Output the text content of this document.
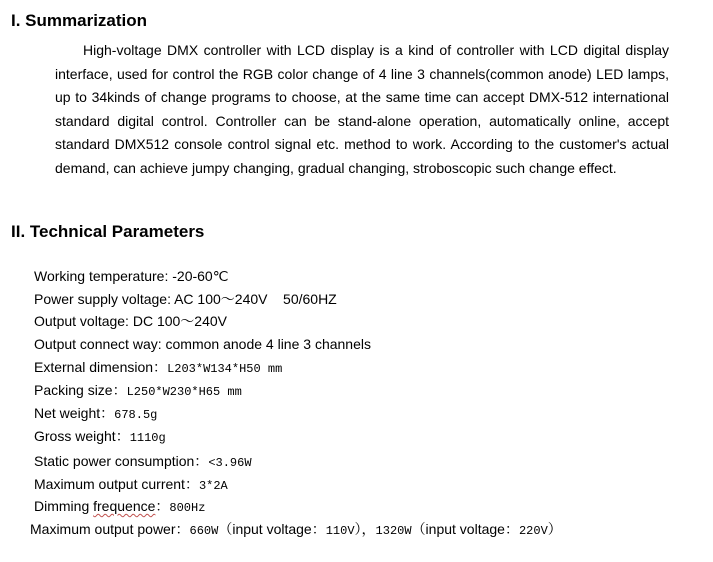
I. Summarization

High-voltage DMX controller with LCD display is a kind of controller with LCD digital display interface, used for control the RGB color change of 4 line 3 channels(common anode) LED lamps, up to 34kinds of change programs to choose, at the same time can accept DMX-512 international standard digital control. Controller can be stand-alone operation, automatically online, accept standard DMX512 console control signal etc. method to work. According to the customer's actual demand, can achieve jumpy changing, gradual changing, stroboscopic such change effect.

II. Technical Parameters
Working temperature: -20-60℃
Power supply voltage: AC 100～240V    50/60HZ
Output voltage: DC 100～240V
Output connect way: common anode 4 line 3 channels
External dimension：L203*W134*H50 mm
Packing size：L250*W230*H65 mm
Net weight：678.5g
Gross weight：1110g
Static power consumption：<3.96W
Maximum output current：3*2A
Dimming frequence：800Hz
Maximum output power：660W（input voltage：110V），1320W（input voltage：220V）
